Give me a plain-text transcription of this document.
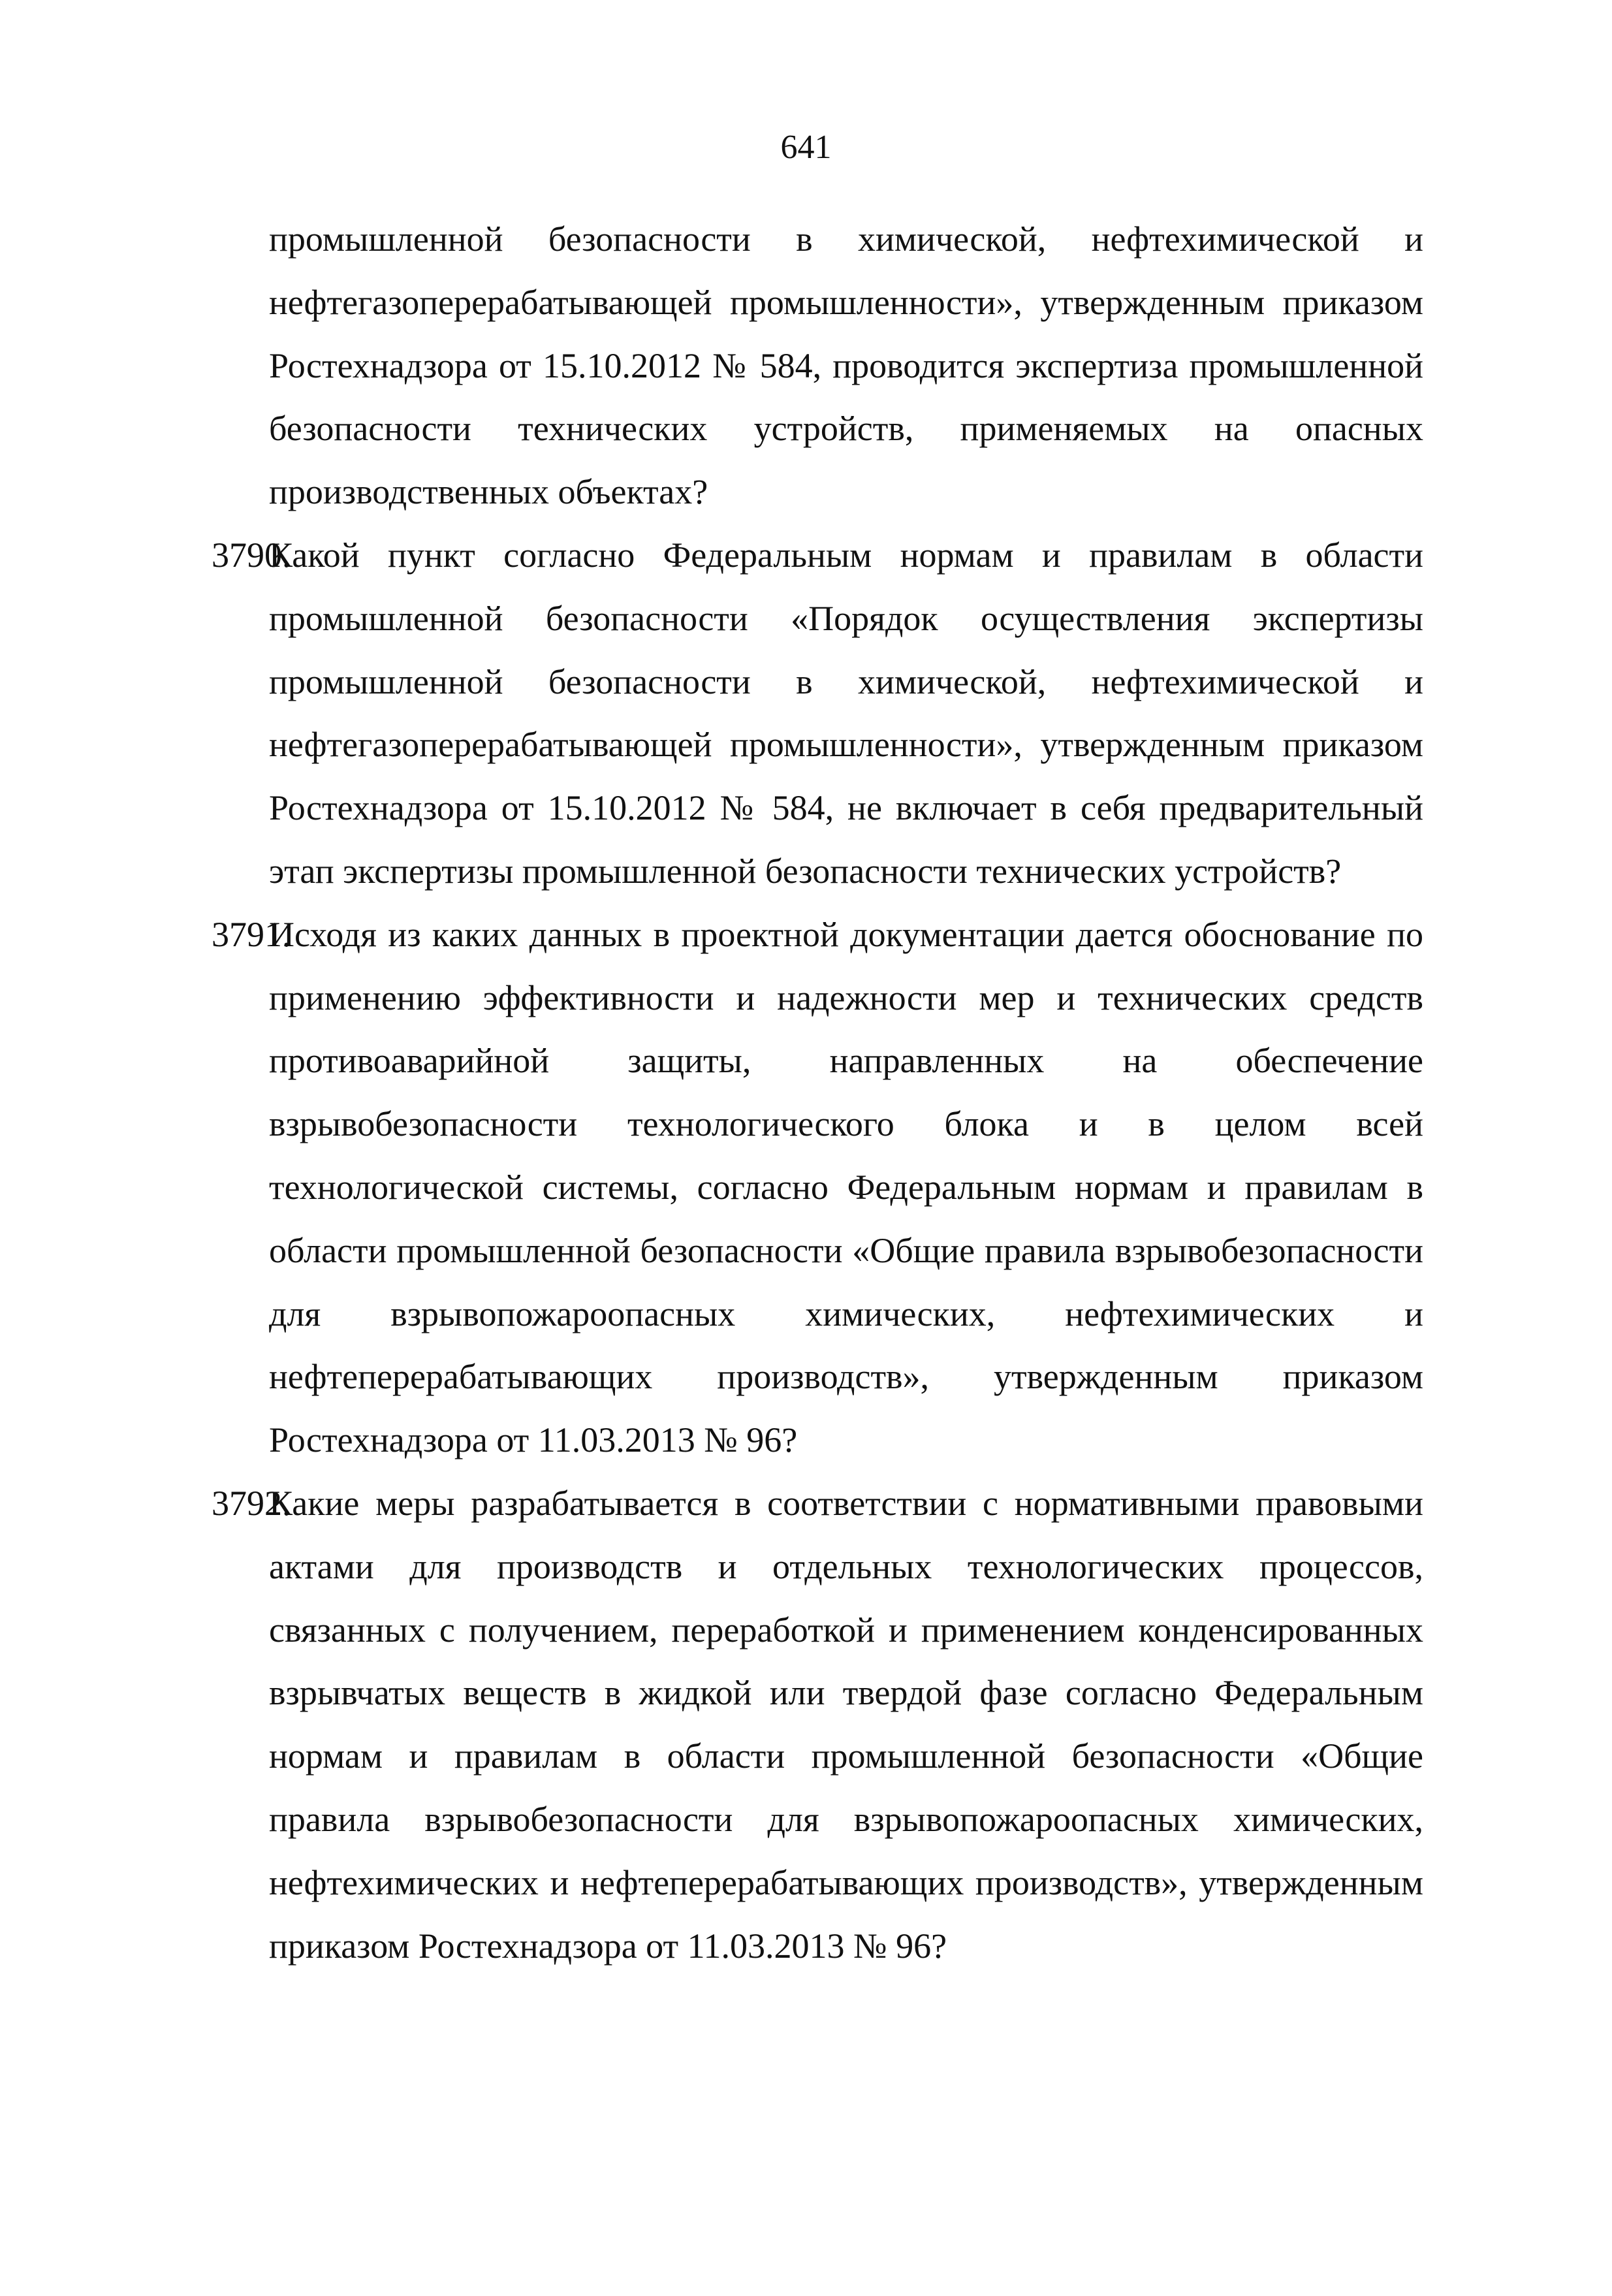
641

промышленной безопасности в химической, нефтехимической и нефтегазоперерабатывающей промышленности», утвержденным приказом Ростехнадзора от 15.10.2012 № 584, проводится экспертиза промышленной безопасности технических устройств, применяемых на опасных производственных объектах?

3790.

Какой пункт согласно Федеральным нормам и правилам в области промышленной безопасности «Порядок осуществления экспертизы промышленной безопасности в химической, нефтехимической и нефтегазоперерабатывающей промышленности», утвержденным приказом Ростехнадзора от 15.10.2012 № 584, не включает в себя предварительный этап экспертизы промышленной безопасности технических устройств?

3791.

Исходя из каких данных в проектной документации дается обоснование по применению эффективности и надежности мер и технических средств противоаварийной защиты, направленных на обеспечение взрывобезопасности технологического блока и в целом всей технологической системы, согласно Федеральным нормам и правилам в области промышленной безопасности «Общие правила взрывобезопасности для взрывопожароопасных химических, нефтехимических и нефтеперерабатывающих производств», утвержденным приказом Ростехнадзора от 11.03.2013 № 96?

3792.

Какие меры разрабатывается в соответствии с нормативными правовыми актами для производств и отдельных технологических процессов, связанных с получением, переработкой и применением конденсированных взрывчатых веществ в жидкой или твердой фазе согласно Федеральным нормам и правилам в области промышленной безопасности «Общие правила взрывобезопасности для взрывопожароопасных химических, нефтехимических и нефтеперерабатывающих производств», утвержденным приказом Ростехнадзора от 11.03.2013 № 96?
